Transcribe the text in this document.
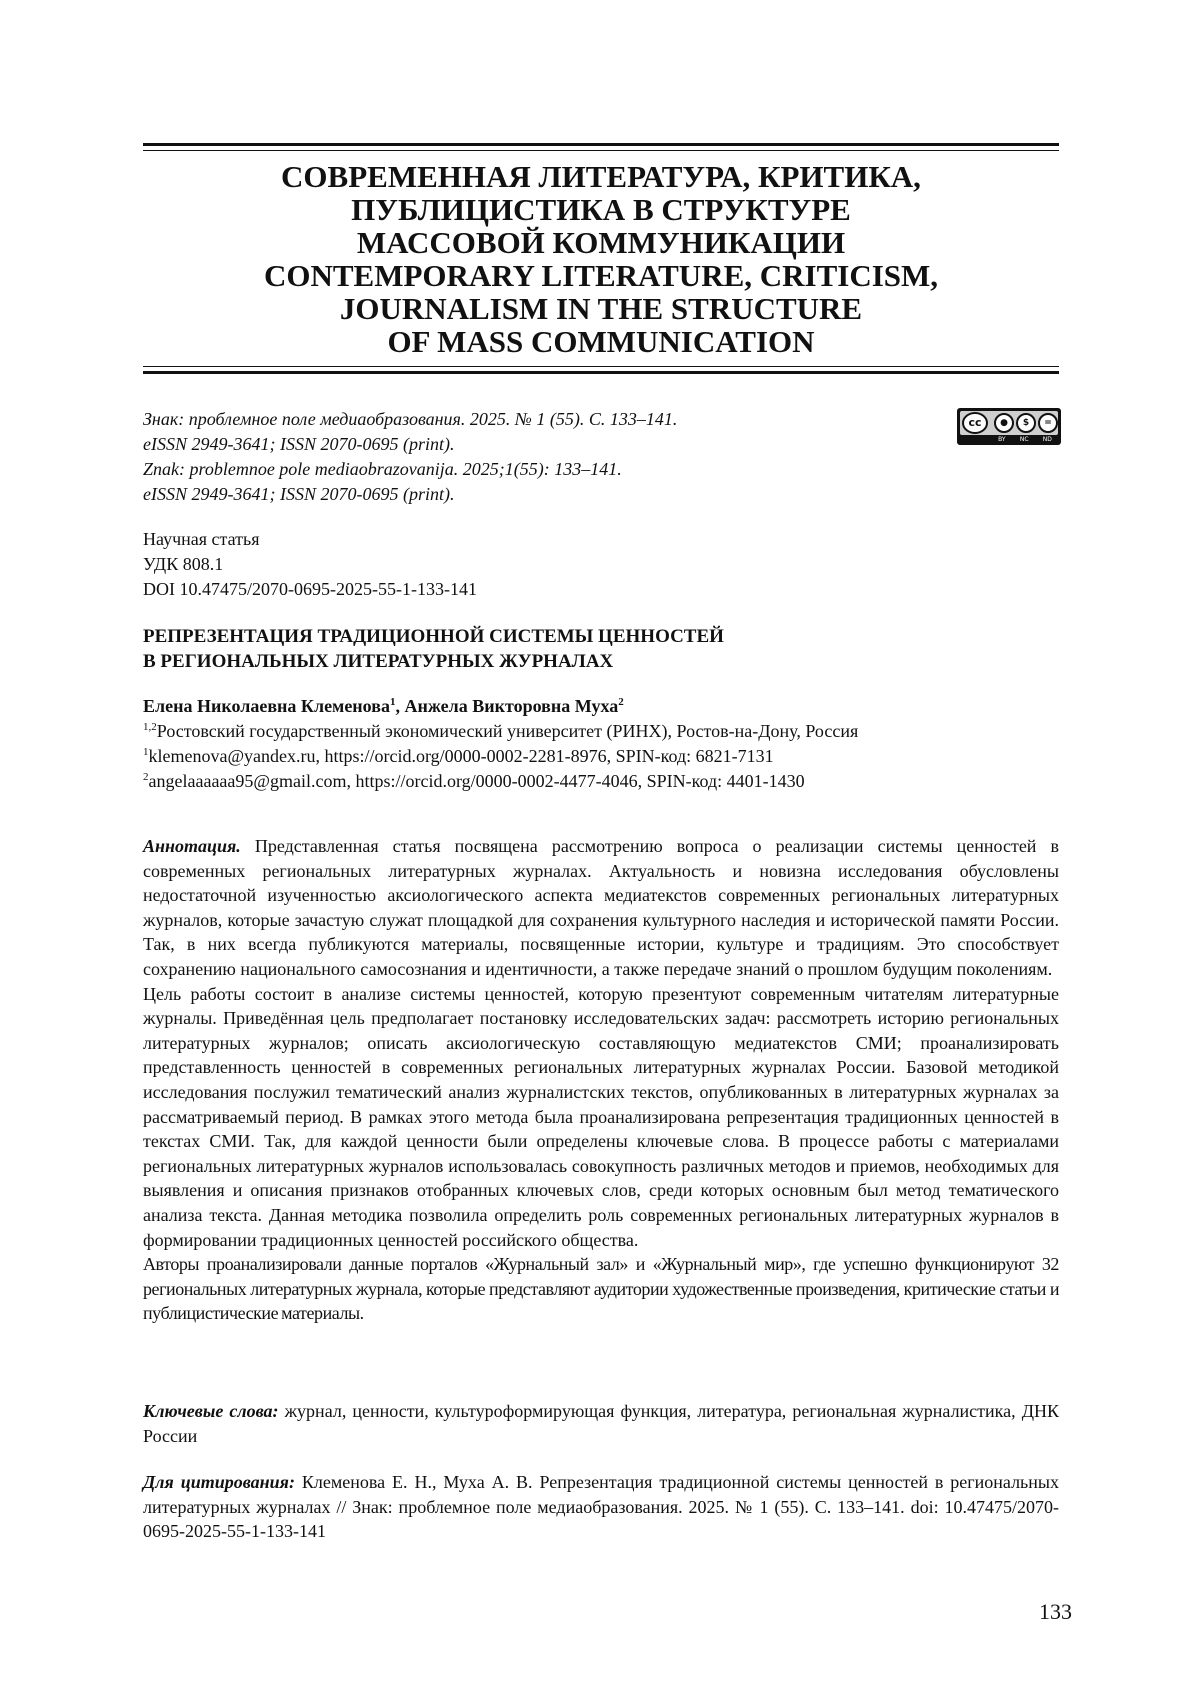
СОВРЕМЕННАЯ ЛИТЕРАТУРА, КРИТИКА,
ПУБЛИЦИСТИКА В СТРУКТУРЕ
МАССОВОЙ КОММУНИКАЦИИ
CONTEMPORARY LITERATURE, CRITICISM,
JOURNALISM IN THE STRUCTURE
OF MASS COMMUNICATION
Знак: проблемное поле медиаобразования. 2025. № 1 (55). С. 133–141.
eISSN 2949-3641; ISSN 2070-0695 (print).
Znak: problemnoe pole mediaobrazovanija. 2025;1(55): 133–141.
eISSN 2949-3641; ISSN 2070-0695 (print).
cc	●	$	=
BY NC ND
Научная статья
УДК 808.1
DOI 10.47475/2070-0695-2025-55-1-133-141
РЕПРЕЗЕНТАЦИЯ ТРАДИЦИОННОЙ СИСТЕМЫ ЦЕННОСТЕЙ
В РЕГИОНАЛЬНЫХ ЛИТЕРАТУРНЫХ ЖУРНАЛАХ
Елена Николаевна Клеменова$^1$, Анжела Викторовна Муха$^2$
$^{1,2}$Ростовский государственный экономический университет (РИНХ), Ростов-на-Дону, Россия
$^1$klemenova@yandex.ru, https://orcid.org/0000-0002-2281-8976, SPIN-код: 6821-7131
$^2$angelaaaaaa95@gmail.com, https://orcid.org/0000-0002-4477-4046, SPIN-код: 4401-1430

Аннотация. Представленная статья посвящена рассмотрению вопроса о реализации системы ценностей в современных региональных литературных журналах. Актуальность и новизна исследования обусловлены недостаточной изученностью аксиологического аспекта медиатекстов современных региональных литературных журналов, которые зачастую служат площадкой для сохранения культурного наследия и исторической памяти России. Так, в них всегда публикуются материалы, посвященные истории, культуре и традициям. Это способствует сохранению национального самосознания и идентичности, а также передаче знаний о прошлом будущим поколениям.

Цель работы состоит в анализе системы ценностей, которую презентуют современным читателям литературные журналы. Приведённая цель предполагает постановку исследовательских задач: рассмотреть историю региональных литературных журналов; описать аксиологическую составляющую медиатекстов СМИ; проанализировать представленность ценностей в современных региональных литературных журналах России. Базовой методикой исследования послужил тематический анализ журналистских текстов, опубликованных в литературных журналах за рассматриваемый период. В рамках этого метода была проанализирована репрезентация традиционных ценностей в текстах СМИ. Так, для каждой ценности были определены ключевые слова. В процессе работы с материалами региональных литературных журналов использовалась совокупность различных методов и приемов, необходимых для выявления и описания признаков отобранных ключевых слов, среди которых основным был метод тематического анализа текста. Данная методика позволила определить роль современных региональных литературных журналов в формировании традиционных ценностей российского общества.

Авторы проанализировали данные порталов «Журнальный зал» и «Журнальный мир», где успешно функционируют 32 региональных литературных журнала, которые представляют аудитории художественные произведения, критические статьи и публицистические материалы.

Ключевые слова: журнал, ценности, культуроформирующая функция, литература, региональная журналистика, ДНК России

Для цитирования: Клеменова Е. Н., Муха А. В. Репрезентация традиционной системы ценностей в региональных литературных журналах // Знак: проблемное поле медиаобразования. 2025. № 1 (55). С. 133–141. doi: 10.47475/2070-0695-2025-55-1-133-141

133
